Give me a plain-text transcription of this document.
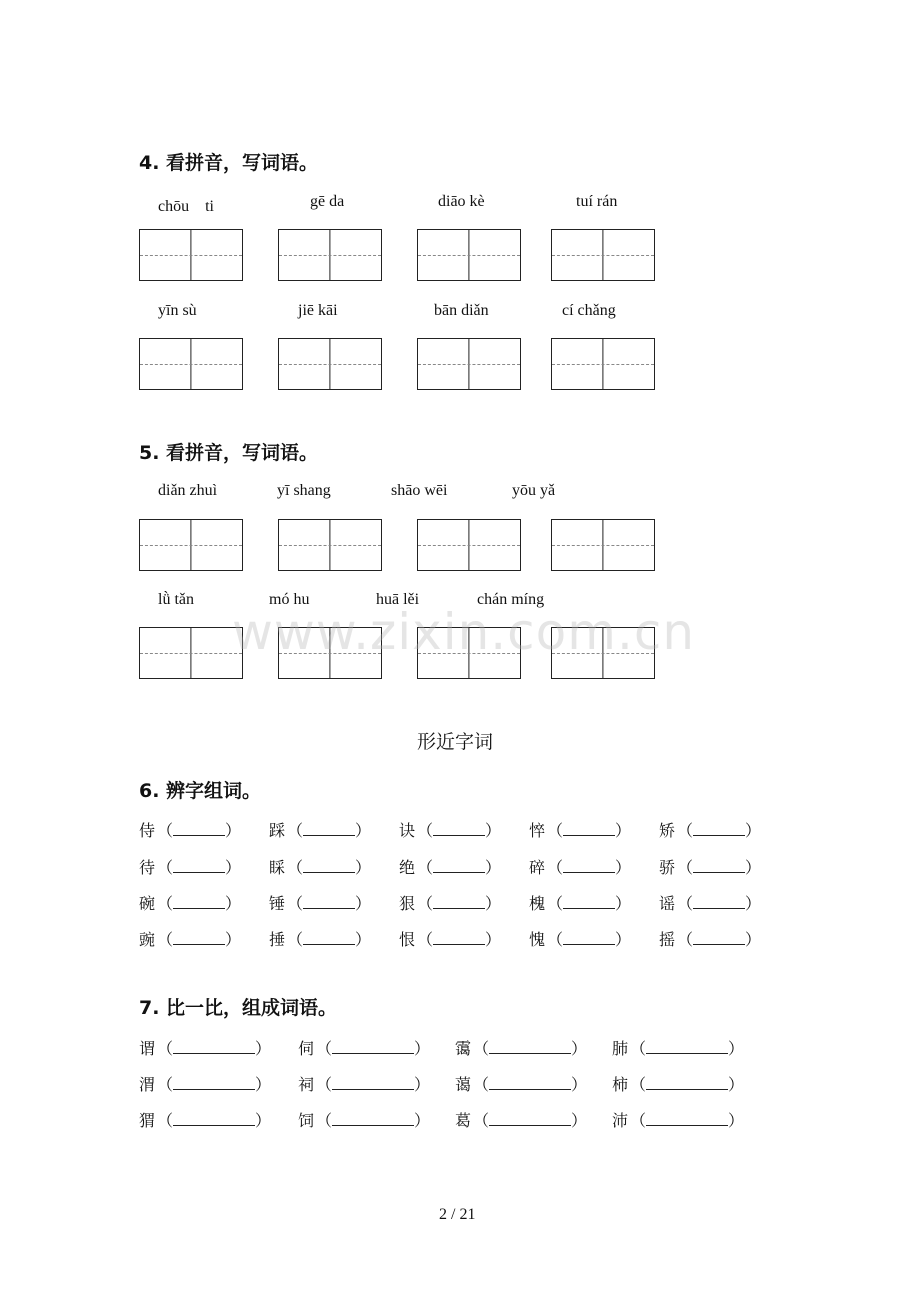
4. 看拼音，写词语。
chōu　ti	gē da	diāo kè	tuí rán
yīn sù	jiē kāi	bān diǎn	cí chǎng
5. 看拼音，写词语。
diǎn zhuì	yī shang	shāo wēi	yōu yǎ
lǜ tǎn	mó hu	huā lěi	chán míng
www.zixin.com.cn
形近字词
6. 辨字组词。
侍 （	） 踩 （	） 诀 （	） 悴 （	） 矫 （	）
待 （	） 睬 （	） 绝 （	） 碎 （	） 骄 （	）
碗 （	） 锤 （	） 狠 （	） 槐 （	） 谣 （	）
豌 （	） 捶 （	） 恨 （	） 愧 （	） 摇 （	）
7. 比一比，组成词语。
谓 （	） 伺 （	） 霭 （	） 肺 （	）
渭 （	） 祠 （	） 蔼 （	） 柿 （	）
猬 （	） 饲 （	） 葛 （	） 沛 （	）
2 / 21
